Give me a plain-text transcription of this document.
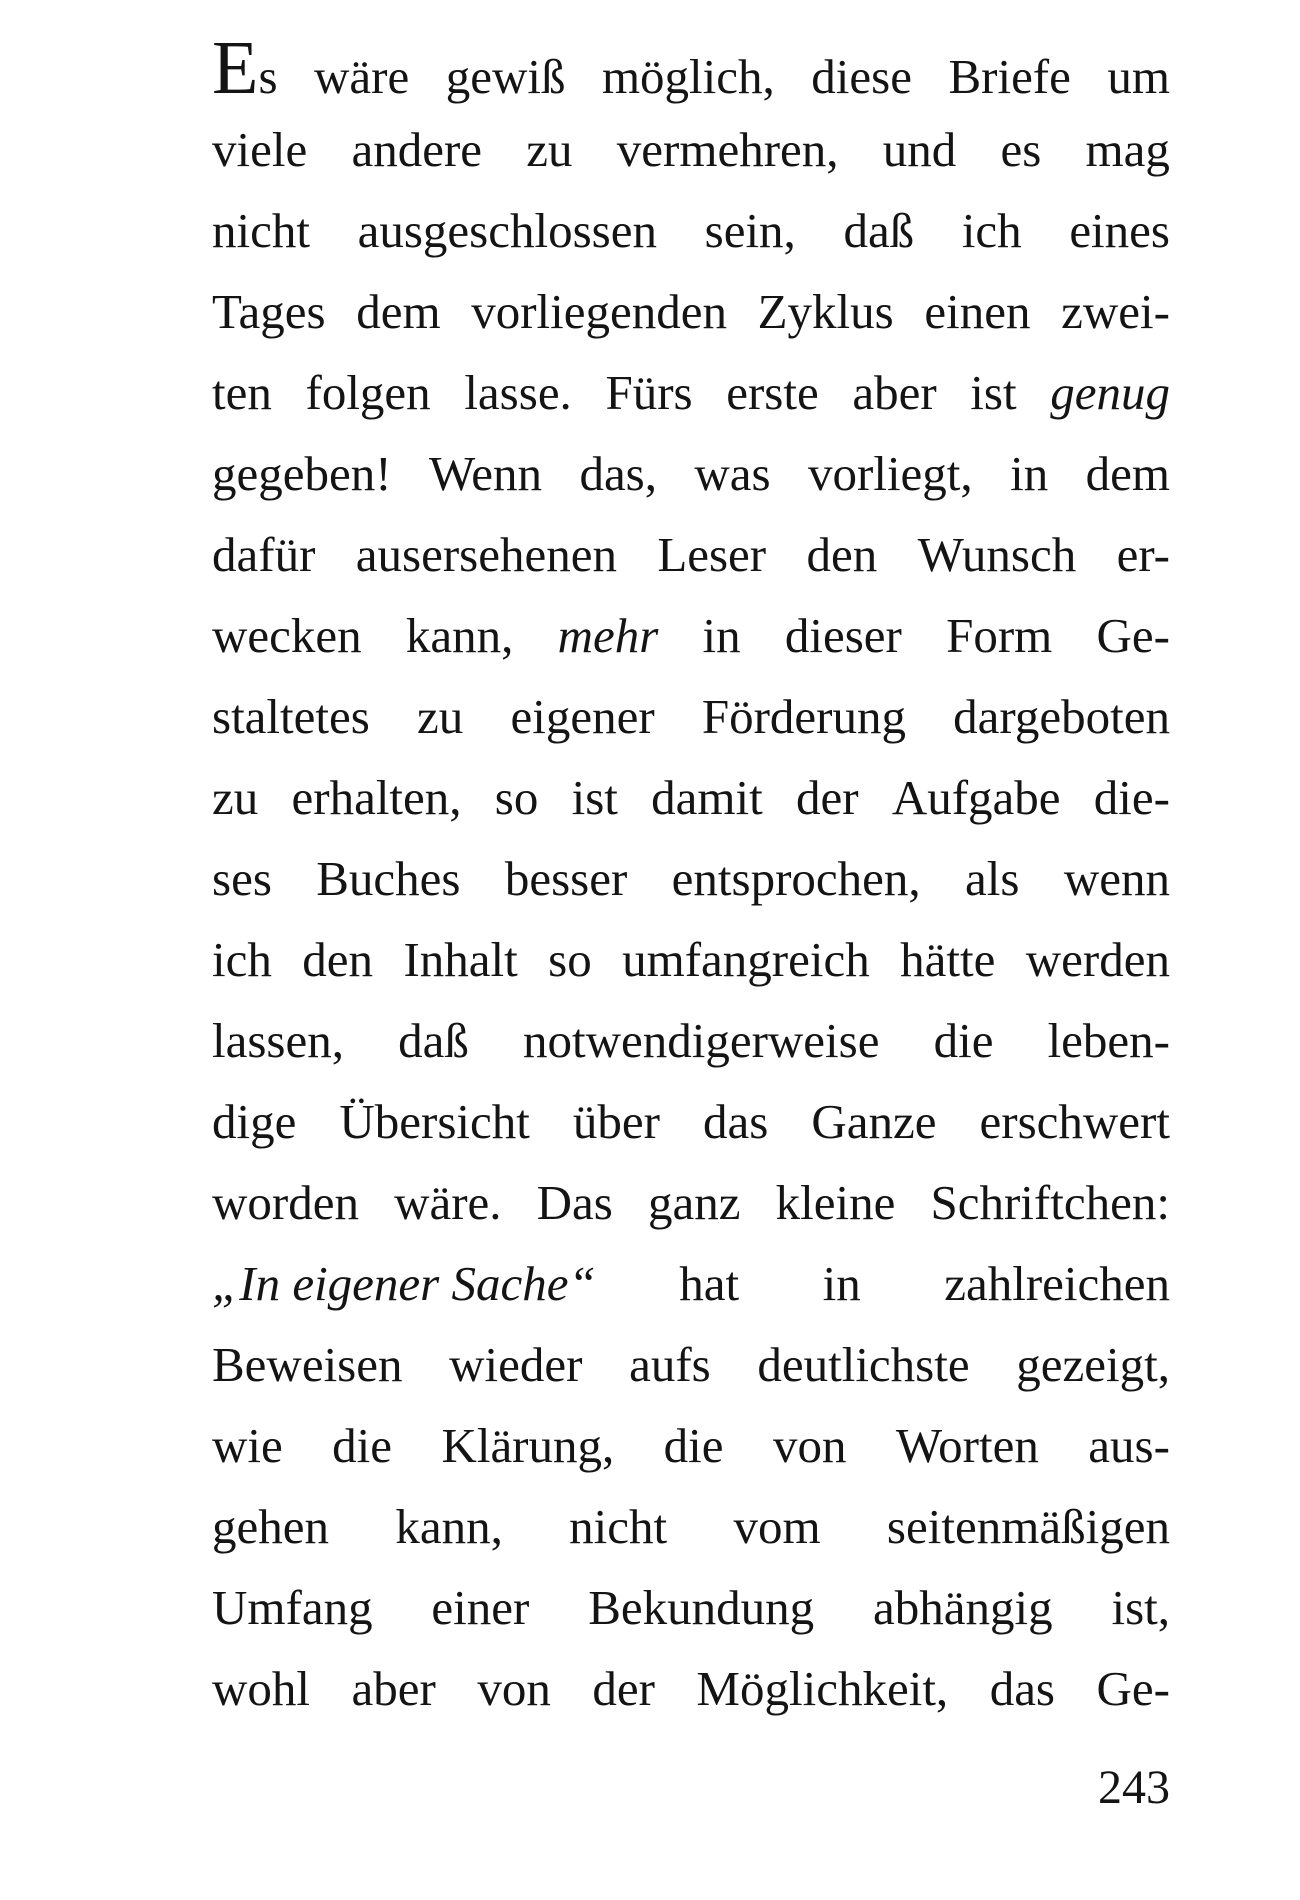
Es wäre gewiß möglich, diese Briefe um
viele andere zu vermehren, und es mag
nicht ausgeschlossen sein, daß ich eines
Tages dem vorliegenden Zyklus einen zwei-
ten folgen lasse. Fürs erste aber ist genug
gegeben! Wenn das, was vorliegt, in dem
dafür ausersehenen Leser den Wunsch er-
wecken kann, mehr in dieser Form Ge-
staltetes zu eigener Förderung dargeboten
zu erhalten, so ist damit der Aufgabe die-
ses Buches besser entsprochen, als wenn
ich den Inhalt so umfangreich hätte werden
lassen, daß notwendigerweise die leben-
dige Übersicht über das Ganze erschwert
worden wäre. Das ganz kleine Schriftchen:
„In eigener Sache“ hat in zahlreichen
Beweisen wieder aufs deutlichste gezeigt,
wie die Klärung, die von Worten aus-
gehen kann, nicht vom seitenmäßigen
Umfang einer Bekundung abhängig ist,
wohl aber von der Möglichkeit, das Ge-
243
